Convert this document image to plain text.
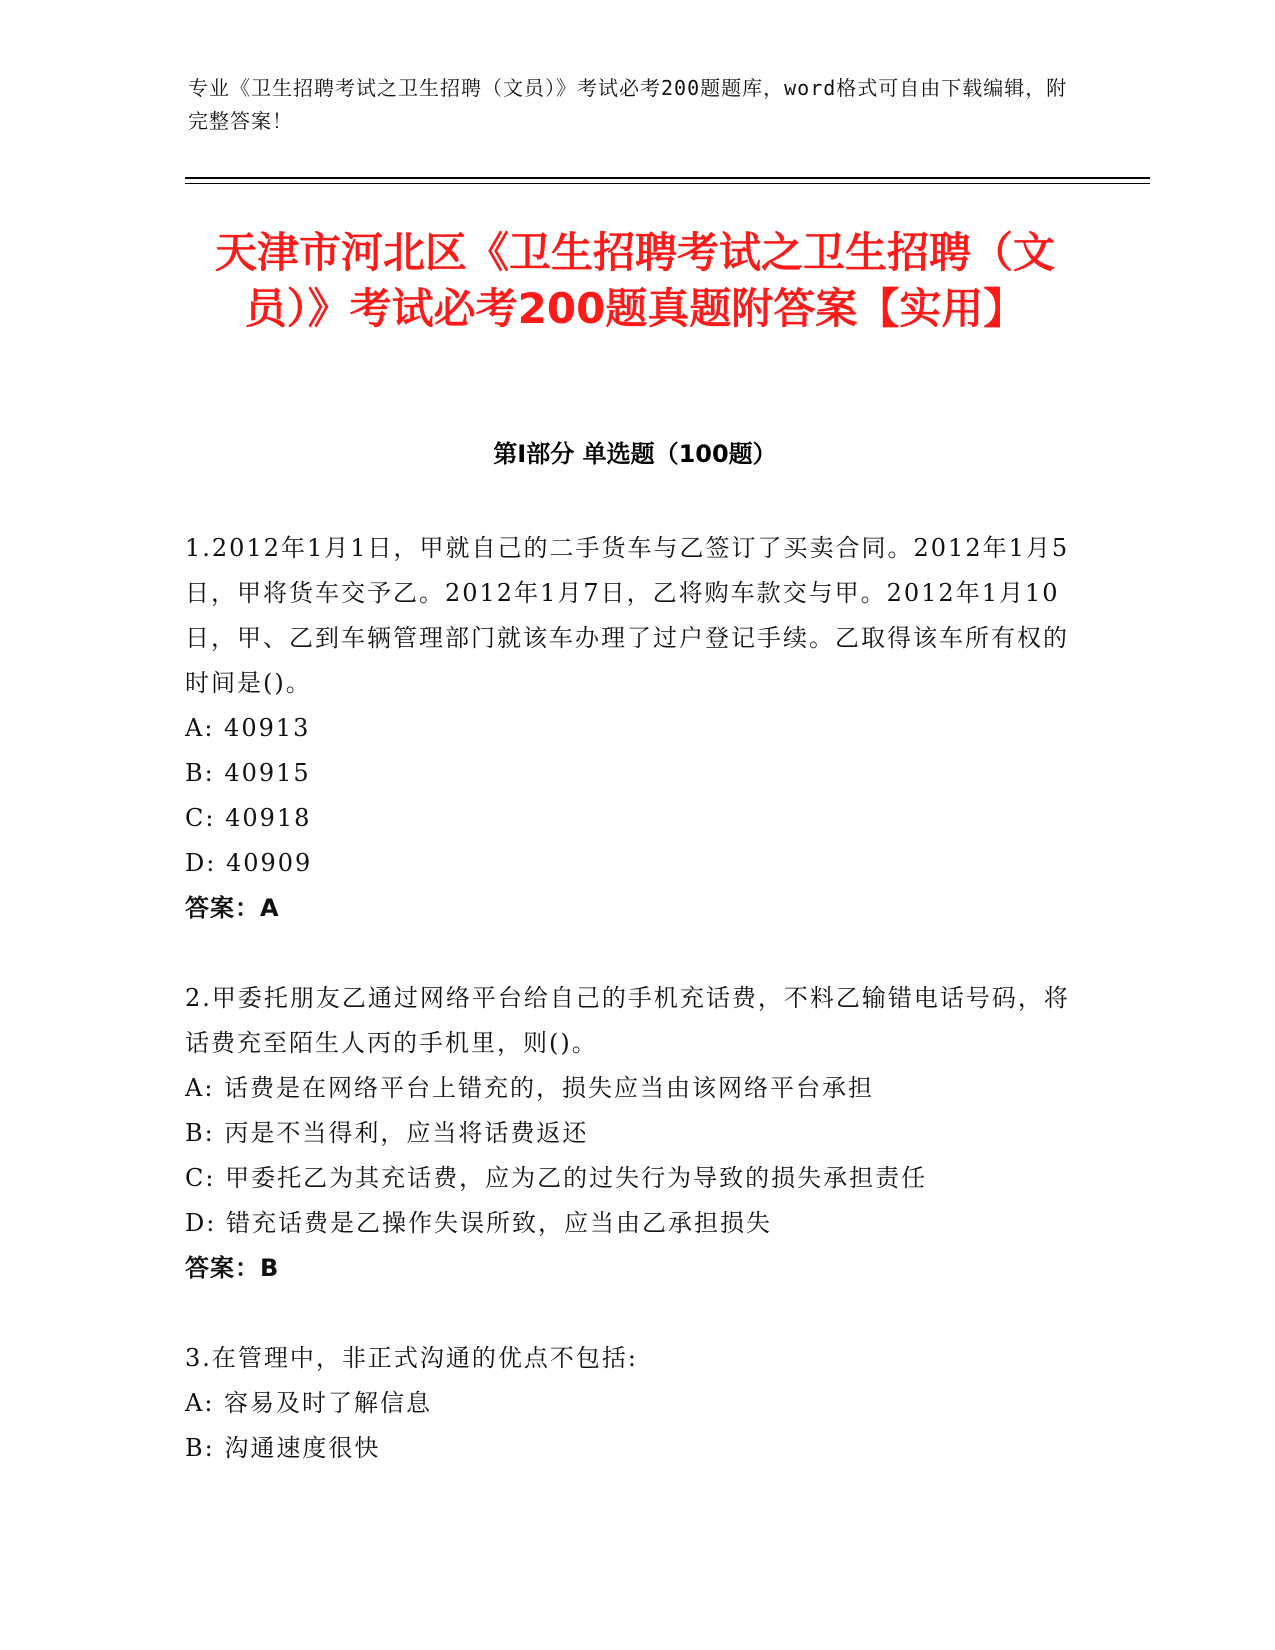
专业《卫生招聘考试之卫生招聘（文员）》考试必考200题题库，word格式可自由下载编辑，附完整答案！
天津市河北区《卫生招聘考试之卫生招聘（文员）》考试必考200题真题附答案【实用】
第I部分 单选题（100题）
1.2012年1月1日，甲就自己的二手货车与乙签订了买卖合同。2012年1月5日，甲将货车交予乙。2012年1月7日，乙将购车款交与甲。2012年1月10日，甲、乙到车辆管理部门就该车办理了过户登记手续。乙取得该车所有权的时间是()。
A: 40913
B: 40915
C: 40918
D: 40909
答案：A
2.甲委托朋友乙通过网络平台给自己的手机充话费，不料乙输错电话号码，将话费充至陌生人丙的手机里，则()。
A: 话费是在网络平台上错充的，损失应当由该网络平台承担
B: 丙是不当得利，应当将话费返还
C: 甲委托乙为其充话费，应为乙的过失行为导致的损失承担责任
D: 错充话费是乙操作失误所致，应当由乙承担损失
答案：B
3.在管理中，非正式沟通的优点不包括:
A: 容易及时了解信息
B: 沟通速度很快
